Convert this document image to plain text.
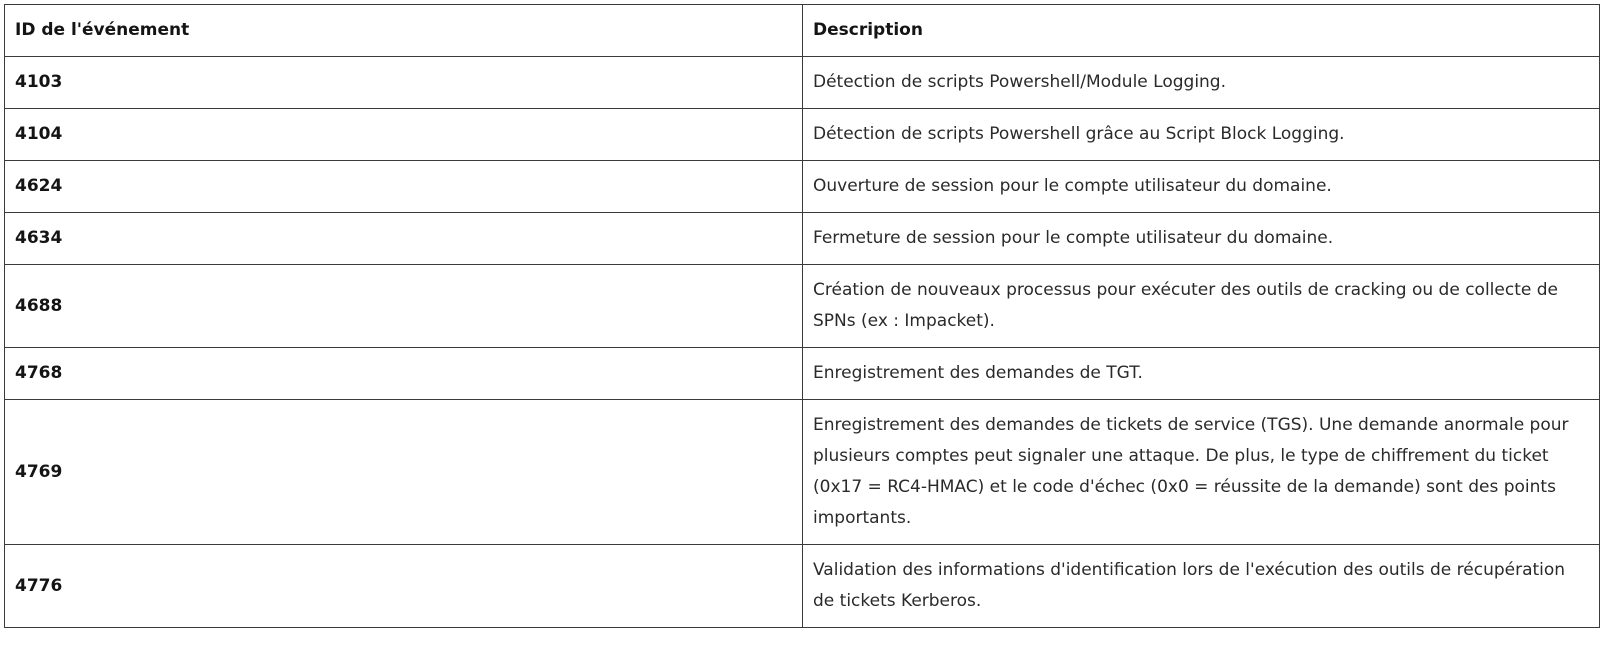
ID de l'événement	Description
4103	Détection de scripts Powershell/Module Logging.
4104	Détection de scripts Powershell grâce au Script Block Logging.
4624	Ouverture de session pour le compte utilisateur du domaine.
4634	Fermeture de session pour le compte utilisateur du domaine.
4688	Création de nouveaux processus pour exécuter des outils de cracking ou de collecte de SPNs (ex : Impacket).
4768	Enregistrement des demandes de TGT.
4769	Enregistrement des demandes de tickets de service (TGS). Une demande anormale pour plusieurs comptes peut signaler une attaque. De plus, le type de chiffrement du ticket (0x17 = RC4-HMAC) et le code d'échec (0x0 = réussite de la demande) sont des points importants.
4776	Validation des informations d'identification lors de l'exécution des outils de récupération de tickets Kerberos.
